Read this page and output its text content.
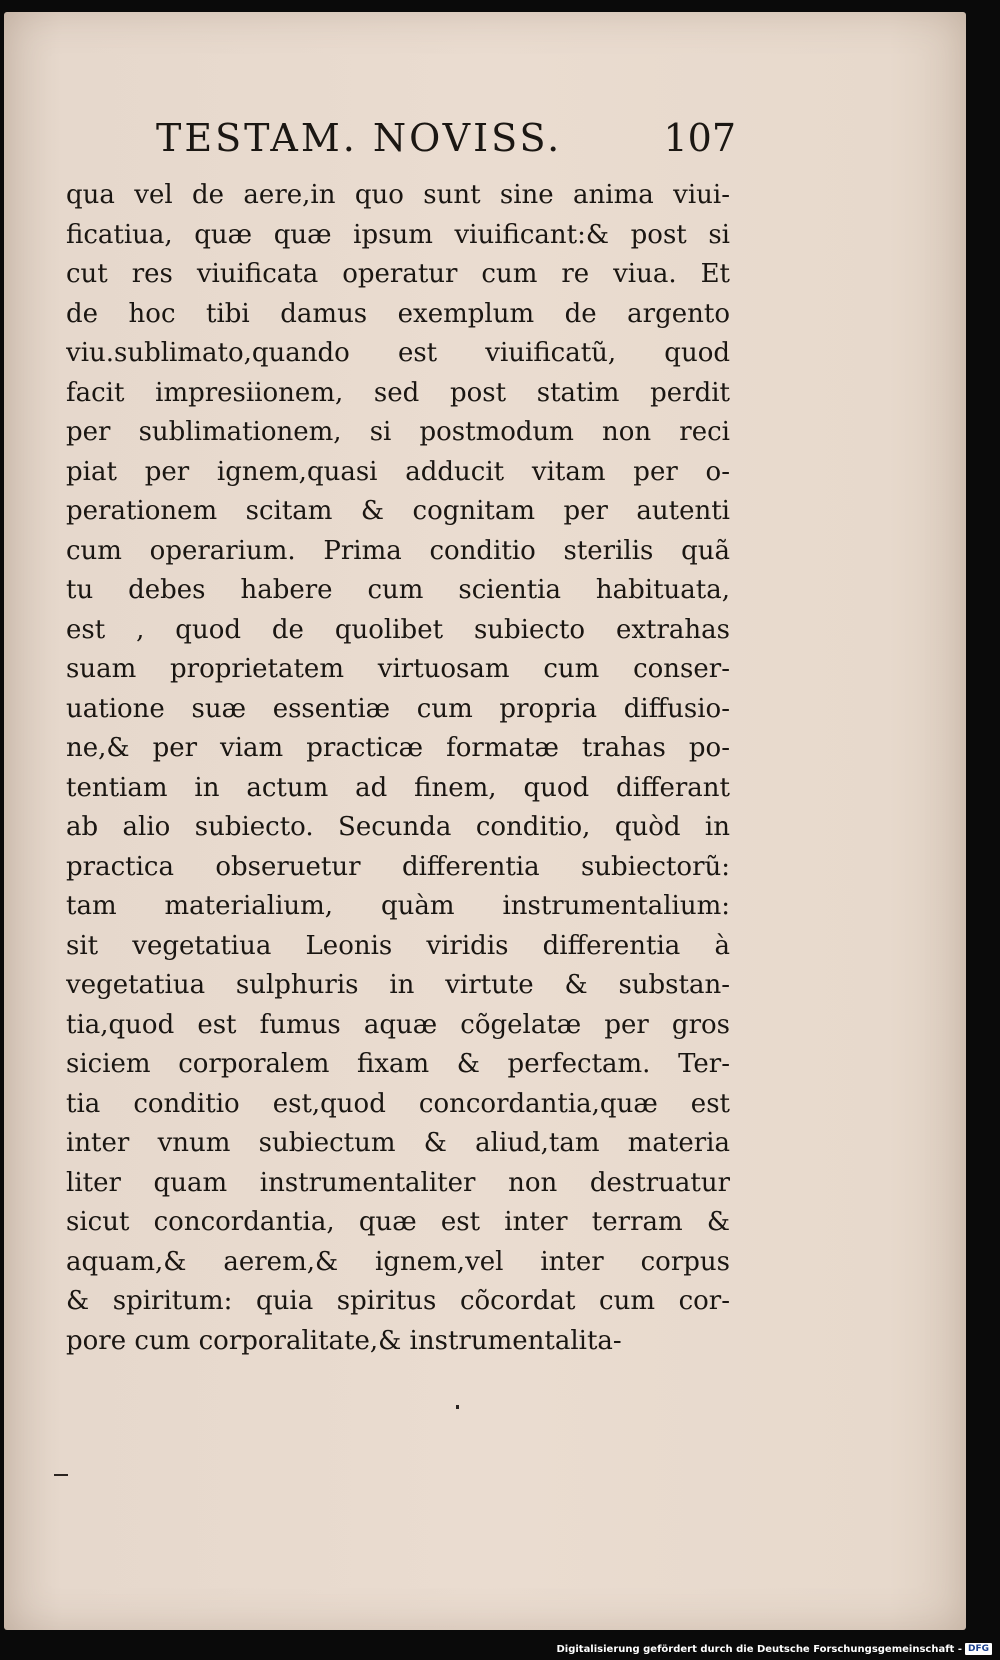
TESTAM. NOVISS.	107
qua vel de aere,in quo sunt sine anima viui-
ficatiua, quæ quæ ipsum viuificant:& post si
cut res viuificata operatur cum re viua. Et
de hoc tibi damus exemplum de argento
viu.sublimato,quando est viuificatũ, quod
facit impresiionem, sed post statim perdit
per sublimationem, si postmodum non reci
piat per ignem,quasi adducit vitam per o-
perationem scitam & cognitam per autenti
cum operarium. Prima conditio sterilis quã
tu debes habere cum scientia habituata,
est , quod de quolibet subiecto extrahas
suam proprietatem virtuosam cum conser-
uatione suæ essentiæ cum propria diffusio-
ne,& per viam practicæ formatæ trahas po-
tentiam in actum ad finem, quod differant
ab alio subiecto. Secunda conditio, quòd in
practica obseruetur differentia subiectorũ:
tam materialium, quàm instrumentalium:
sit vegetatiua Leonis viridis differentia à
vegetatiua sulphuris in virtute & substan-
tia,quod est fumus aquæ cõgelatæ per gros
siciem corporalem fixam & perfectam. Ter-
tia conditio est,quod concordantia,quæ est
inter vnum subiectum & aliud,tam materia
liter quam instrumentaliter non destruatur
sicut concordantia, quæ est inter terram &
aquam,& aerem,& ignem,vel inter corpus
& spiritum: quia spiritus cõcordat cum cor-
pore cum corporalitate,& instrumentalita-
Digitalisierung gefördert durch die Deutsche Forschungsgemeinschaft - DFG
